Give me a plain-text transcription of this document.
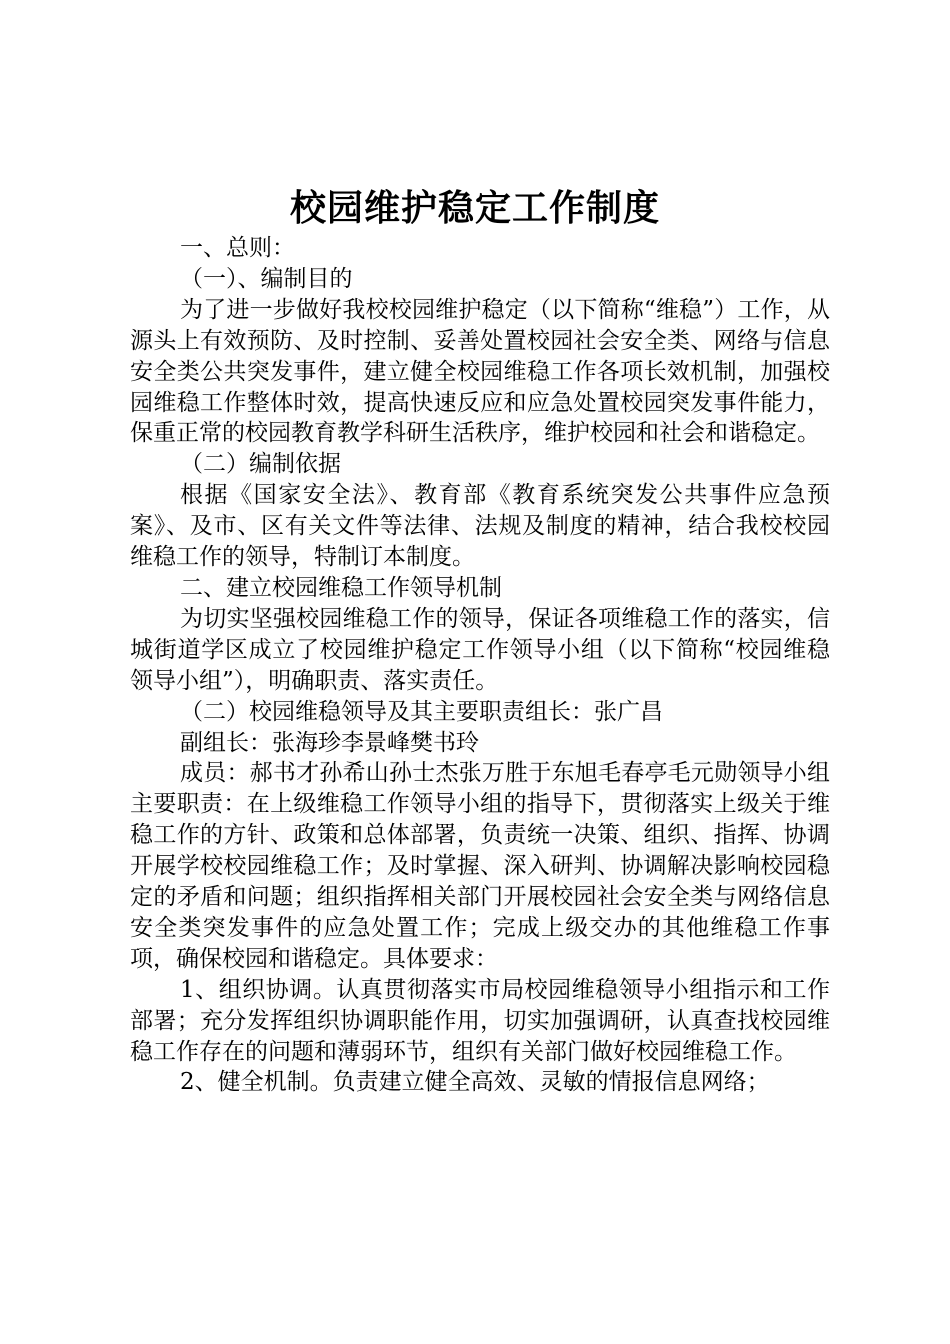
校园维护稳定工作制度

一、总则：

（一）、编制目的

为了进一步做好我校校园维护稳定（以下简称“维稳”）工作，从源头上有效预防、及时控制、妥善处置校园社会安全类、网络与信息安全类公共突发事件，建立健全校园维稳工作各项长效机制，加强校园维稳工作整体时效，提高快速反应和应急处置校园突发事件能力，保重正常的校园教育教学科研生活秩序，维护校园和社会和谐稳定。

（二）编制依据

根据《国家安全法》、教育部《教育系统突发公共事件应急预案》、及市、区有关文件等法律、法规及制度的精神，结合我校校园维稳工作的领导，特制订本制度。

二、建立校园维稳工作领导机制

为切实坚强校园维稳工作的领导，保证各项维稳工作的落实，信城街道学区成立了校园维护稳定工作领导小组（以下简称“校园维稳领导小组”），明确职责、落实责任。

（二）校园维稳领导及其主要职责组长：张广昌

副组长：张海珍李景峰樊书玲

成员：郝书才孙希山孙士杰张万胜于东旭毛春亭毛元勋领导小组主要职责：在上级维稳工作领导小组的指导下，贯彻落实上级关于维稳工作的方针、政策和总体部署，负责统一决策、组织、指挥、协调开展学校校园维稳工作；及时掌握、深入研判、协调解决影响校园稳定的矛盾和问题；组织指挥相关部门开展校园社会安全类与网络信息安全类突发事件的应急处置工作；完成上级交办的其他维稳工作事项，确保校园和谐稳定。具体要求：

1、组织协调。认真贯彻落实市局校园维稳领导小组指示和工作部署；充分发挥组织协调职能作用，切实加强调研，认真查找校园维稳工作存在的问题和薄弱环节，组织有关部门做好校园维稳工作。

2、健全机制。负责建立健全高效、灵敏的情报信息网络；
